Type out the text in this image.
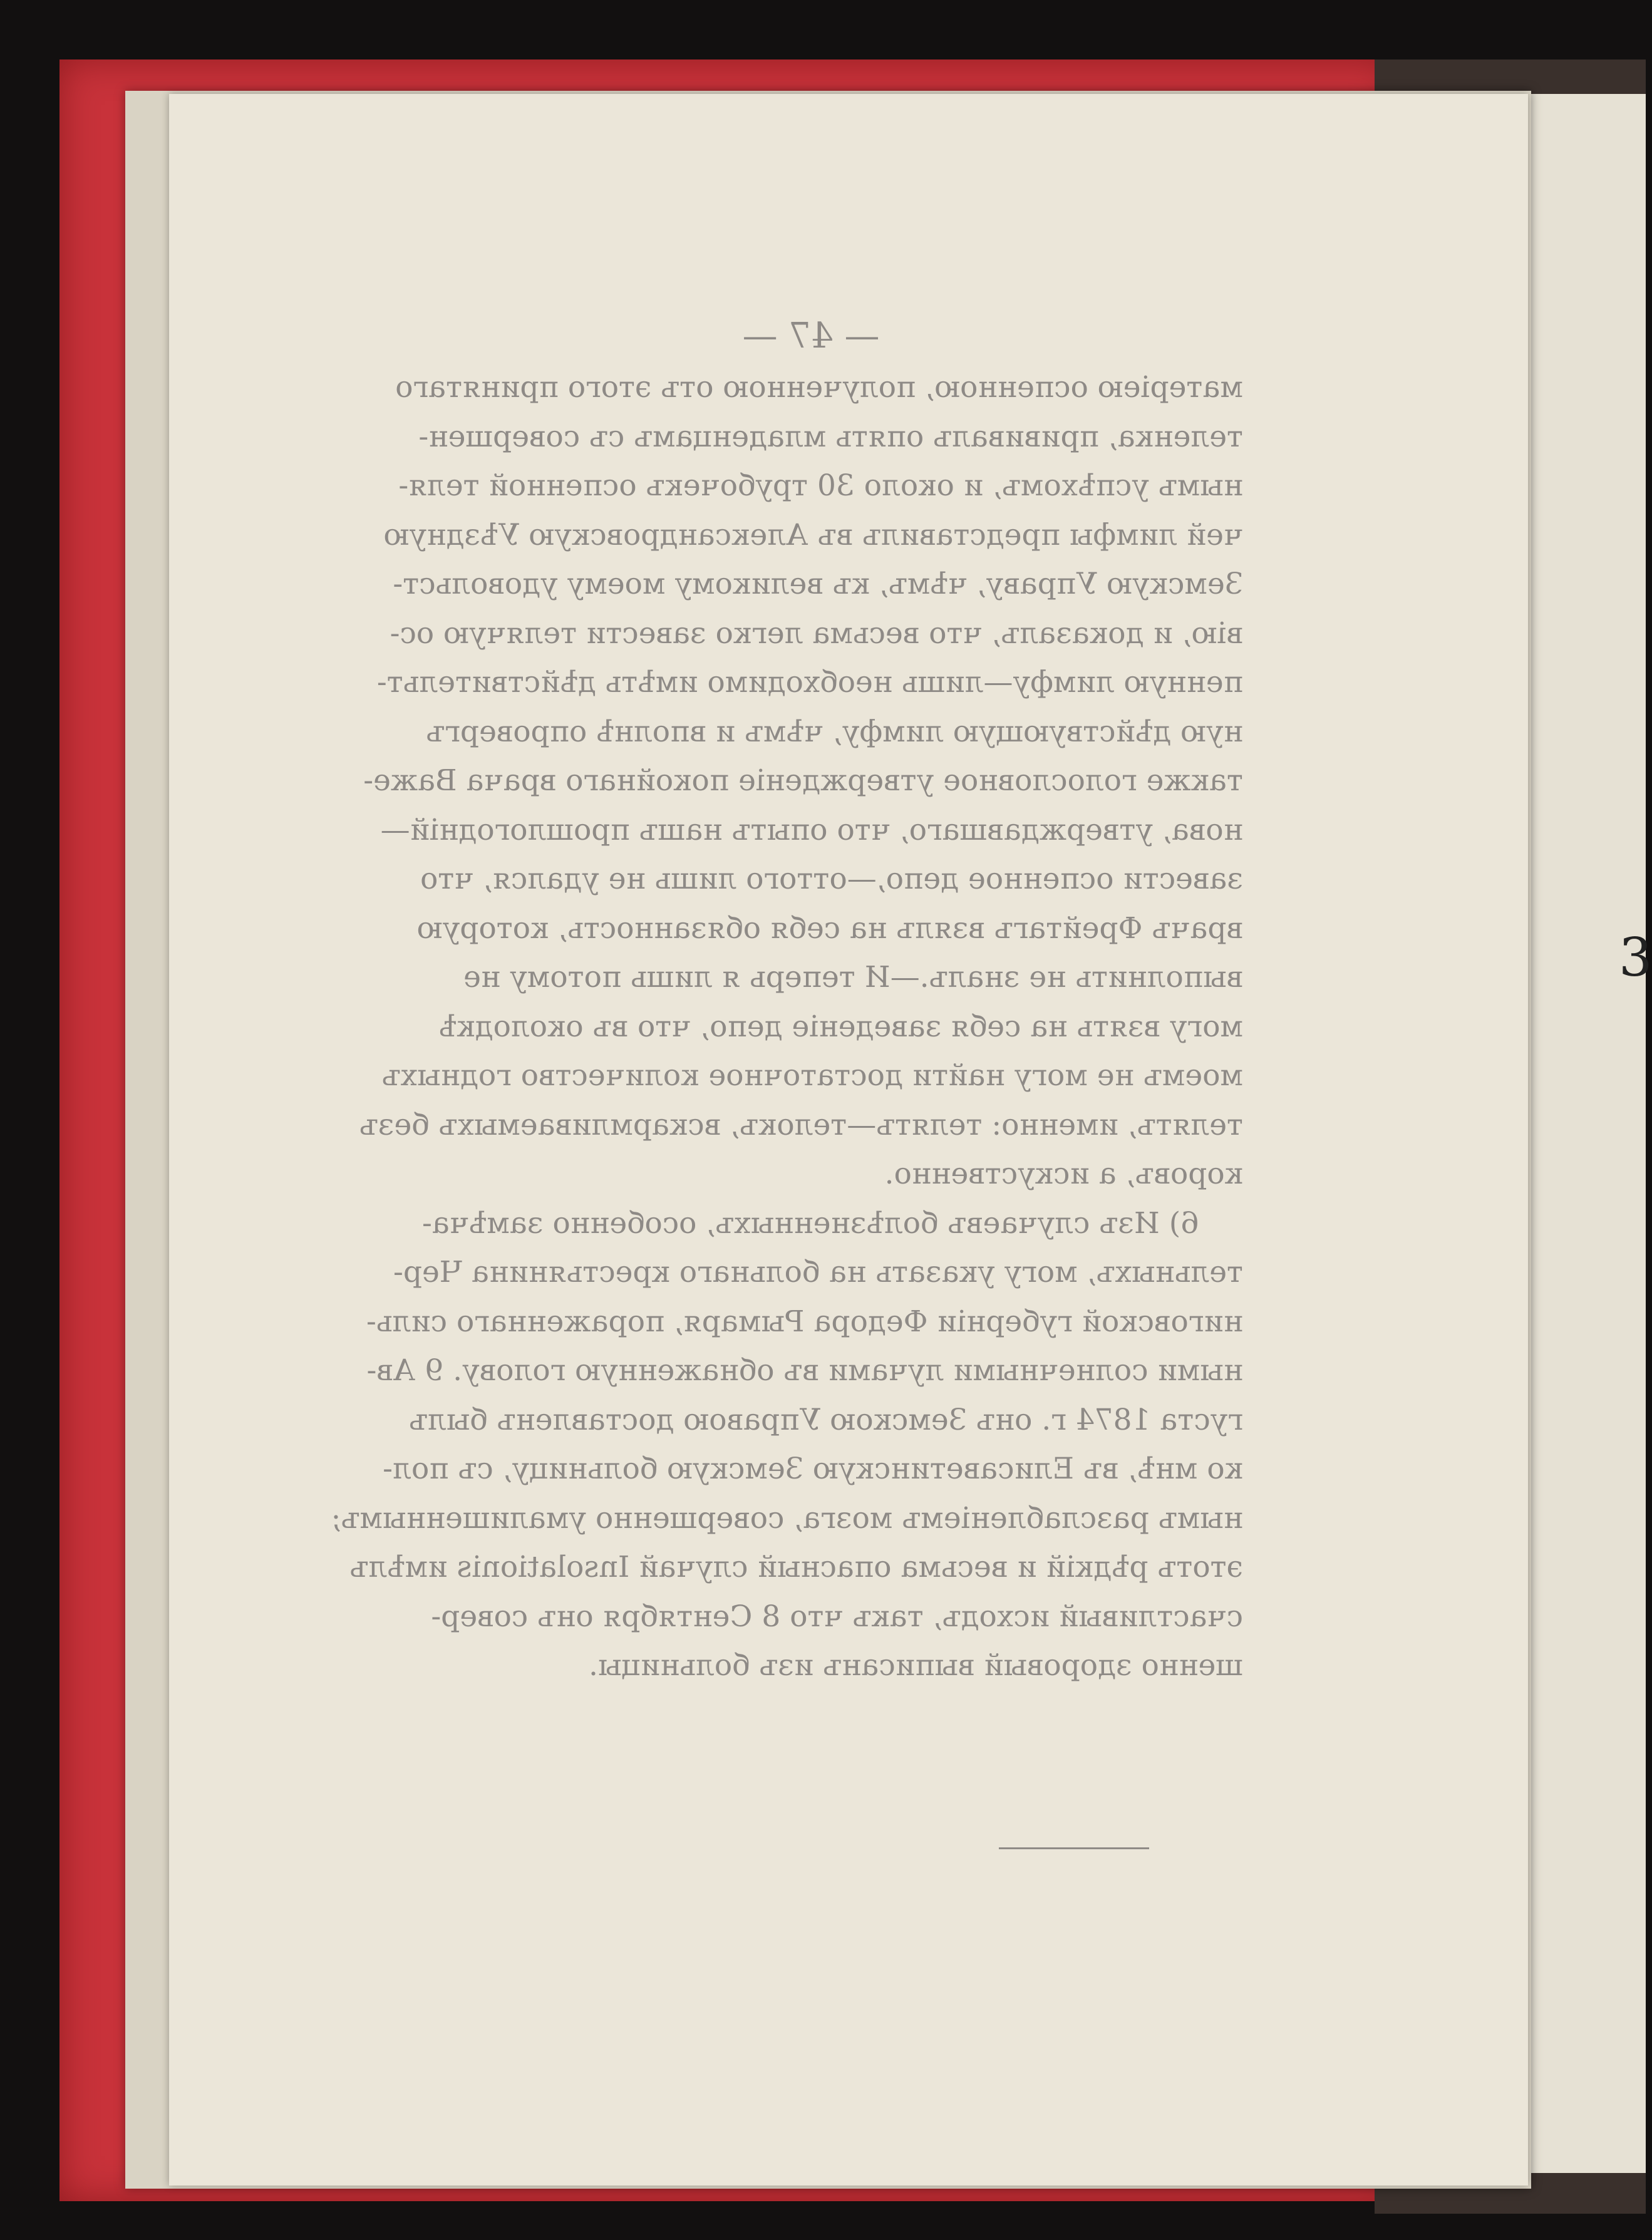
3
— 47 —
матеріею оспенною, полученною отъ этого принятаго
теленка, прививалъ опять младенцамъ съ совершен-
нымъ успѣхомъ, и около 30 трубочекъ оспенной теля-
чей лимфы представилъ въ Александровскую Уѣздную
Земскую Управу, чѣмъ, къ великому моему удовольст-
вію, и доказалъ, что весьма легко завести телячую ос-
пенную лимфу—лишь необходимо имѣть дѣйствительт-
ную дѣйствующую лимфу, чѣмъ и вполнѣ опровергъ
также голословное утвержденіе покойнаго врача Важе-
нова, утверждавшаго, что опытъ нашъ прошлогодній—
завести оспенное депо,—оттого лишь не удался, что
врачъ Фрейтагъ взялъ на себя обязанность, которую
выполнить не зналъ.—И теперь я лишь потому не
могу взять на себя заведеніе депо, что въ околодкѣ
моемъ не могу найти достаточное количество годныхъ
телятъ, именно: телятъ—телокъ, вскармливаемыхъ безъ
коровъ, а искуственно.
6) Изъ случаевъ болѣзненныхъ, особенно замѣча-
тельныхъ, могу указать на больнаго крестьянина Чер-
ниговской губерніи Федора Рымаря, пораженнаго силь-
ными солнечными лучами въ обнаженную голову. 9 Ав-
густа 1874 г. онъ Земскою Управою доставленъ былъ
ко мнѣ, въ Елисаветинскую Земскую больницу, съ пол-
нымъ разслабленіемъ мозга, совершенно умалишеннымъ;
этотъ рѣдкій и весьма опасный случай Insolationis имѣлъ
счастливый исходъ, такъ что 8 Сентября онъ совер-
шенно здоровый выписанъ изъ больницы.
